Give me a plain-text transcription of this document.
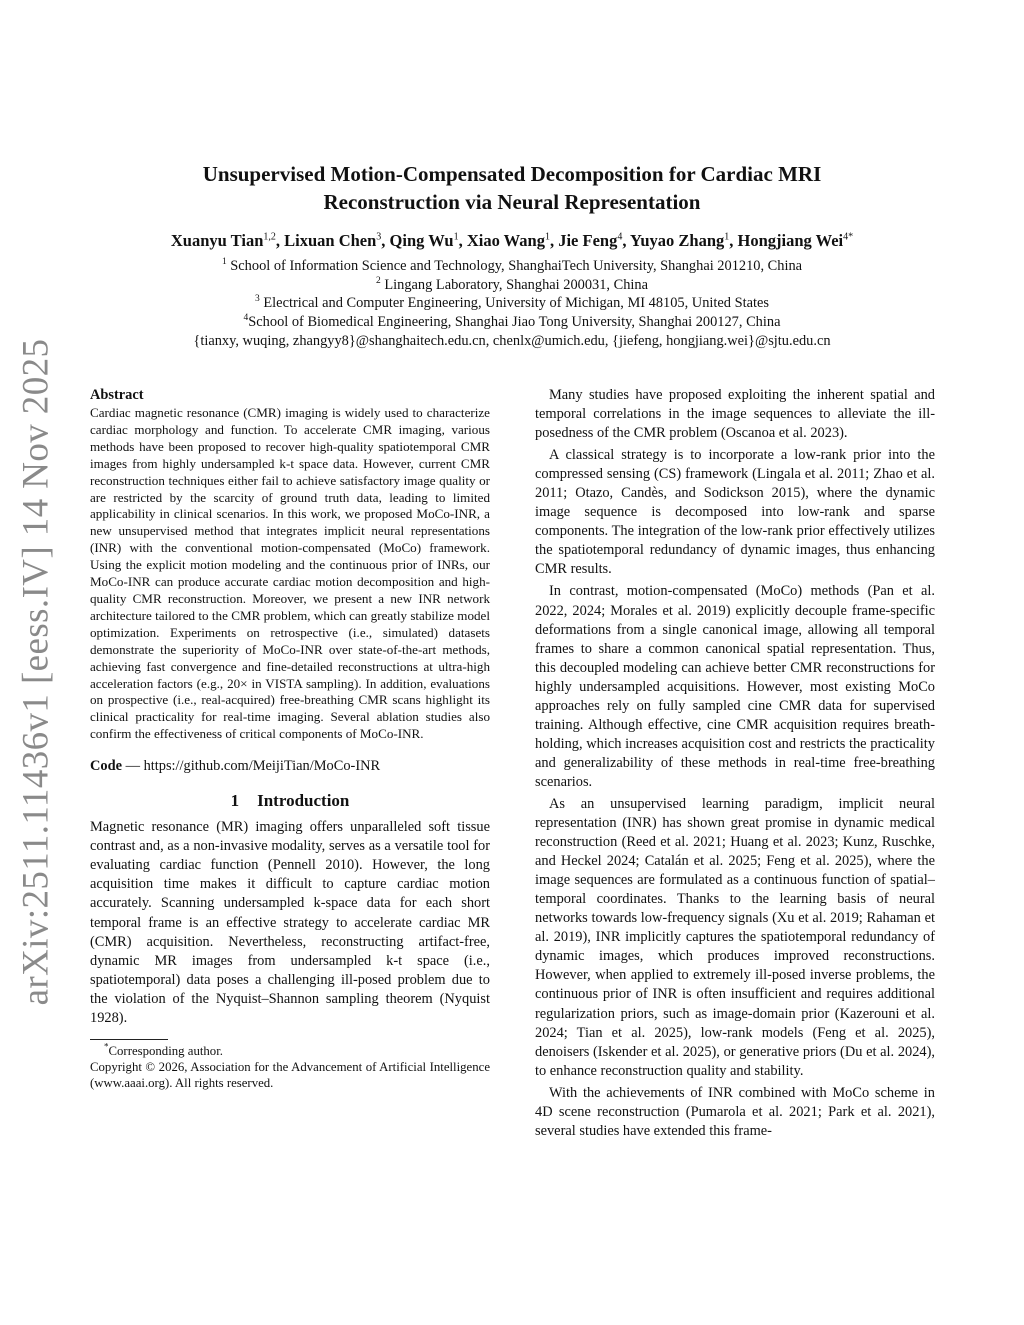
arXiv:2511.11436v1 [eess.IV] 14 Nov 2025
Unsupervised Motion-Compensated Decomposition for Cardiac MRI
Reconstruction via Neural Representation
Xuanyu Tian$^{1,2}$, Lixuan Chen$^3$, Qing Wu$^1$, Xiao Wang$^1$, Jie Feng$^4$, Yuyao Zhang$^1$, Hongjiang Wei$^{4*}$
$^1$ School of Information Science and Technology, ShanghaiTech University, Shanghai 201210, China
$^2$ Lingang Laboratory, Shanghai 200031, China
$^3$ Electrical and Computer Engineering, University of Michigan, MI 48105, United States
$^4$School of Biomedical Engineering, Shanghai Jiao Tong University, Shanghai 200127, China
{tianxy, wuqing, zhangyy8}@shanghaitech.edu.cn, chenlx@umich.edu, {jiefeng, hongjiang.wei}@sjtu.edu.cn

Abstract

Cardiac magnetic resonance (CMR) imaging is widely used to characterize cardiac morphology and function. To accelerate CMR imaging, various methods have been proposed to recover high-quality spatiotemporal CMR images from highly undersampled k-t space data. However, current CMR reconstruction techniques either fail to achieve satisfactory image quality or are restricted by the scarcity of ground truth data, leading to limited applicability in clinical scenarios. In this work, we proposed MoCo-INR, a new unsupervised method that integrates implicit neural representations (INR) with the conventional motion-compensated (MoCo) framework. Using the explicit motion modeling and the continuous prior of INRs, our MoCo-INR can produce accurate cardiac motion decomposition and high-quality CMR reconstruction. Moreover, we present a new INR network architecture tailored to the CMR problem, which can greatly stabilize model optimization. Experiments on retrospective (i.e., simulated) datasets demonstrate the superiority of MoCo-INR over state-of-the-art methods, achieving fast convergence and fine-detailed reconstructions at ultra-high acceleration factors (e.g., 20× in VISTA sampling). In addition, evaluations on prospective (i.e., real-acquired) free-breathing CMR scans highlight its clinical practicality for real-time imaging. Several ablation studies also confirm the effectiveness of critical components of MoCo-INR.

Code — https://github.com/MeijiTian/MoCo-INR

1 Introduction

Magnetic resonance (MR) imaging offers unparalleled soft tissue contrast and, as a non-invasive modality, serves as a versatile tool for evaluating cardiac function (Pennell 2010). However, the long acquisition time makes it difficult to capture cardiac motion accurately. Scanning undersampled k-space data for each short temporal frame is an effective strategy to accelerate cardiac MR (CMR) acquisition. Nevertheless, reconstructing artifact-free, dynamic MR images from undersampled k-t space (i.e., spatiotemporal) data poses a challenging ill-posed problem due to the violation of the Nyquist–Shannon sampling theorem (Nyquist 1928).

*Corresponding author.

Copyright © 2026, Association for the Advancement of Artificial Intelligence (www.aaai.org). All rights reserved.

Many studies have proposed exploiting the inherent spatial and temporal correlations in the image sequences to alleviate the ill-posedness of the CMR problem (Oscanoa et al. 2023).

A classical strategy is to incorporate a low-rank prior into the compressed sensing (CS) framework (Lingala et al. 2011; Zhao et al. 2011; Otazo, Candès, and Sodickson 2015), where the dynamic image sequence is decomposed into low-rank and sparse components. The integration of the low-rank prior effectively utilizes the spatiotemporal redundancy of dynamic images, thus enhancing CMR results.

In contrast, motion-compensated (MoCo) methods (Pan et al. 2022, 2024; Morales et al. 2019) explicitly decouple frame-specific deformations from a single canonical image, allowing all temporal frames to share a common canonical spatial representation. Thus, this decoupled modeling can achieve better CMR reconstructions for highly undersampled acquisitions. However, most existing MoCo approaches rely on fully sampled cine CMR data for supervised training. Although effective, cine CMR acquisition requires breath-holding, which increases acquisition cost and restricts the practicality and generalizability of these methods in real-time free-breathing scenarios.

As an unsupervised learning paradigm, implicit neural representation (INR) has shown great promise in dynamic medical reconstruction (Reed et al. 2021; Huang et al. 2023; Kunz, Ruschke, and Heckel 2024; Catalán et al. 2025; Feng et al. 2025), where the image sequences are formulated as a continuous function of spatial–temporal coordinates. Thanks to the learning basis of neural networks towards low-frequency signals (Xu et al. 2019; Rahaman et al. 2019), INR implicitly captures the spatiotemporal redundancy of dynamic images, which produces improved reconstructions. However, when applied to extremely ill-posed inverse problems, the continuous prior of INR is often insufficient and requires additional regularization priors, such as image-domain prior (Kazerouni et al. 2024; Tian et al. 2025), low-rank models (Feng et al. 2025), denoisers (Iskender et al. 2025), or generative priors (Du et al. 2024), to enhance reconstruction quality and stability.

With the achievements of INR combined with MoCo scheme in 4D scene reconstruction (Pumarola et al. 2021; Park et al. 2021), several studies have extended this frame-
